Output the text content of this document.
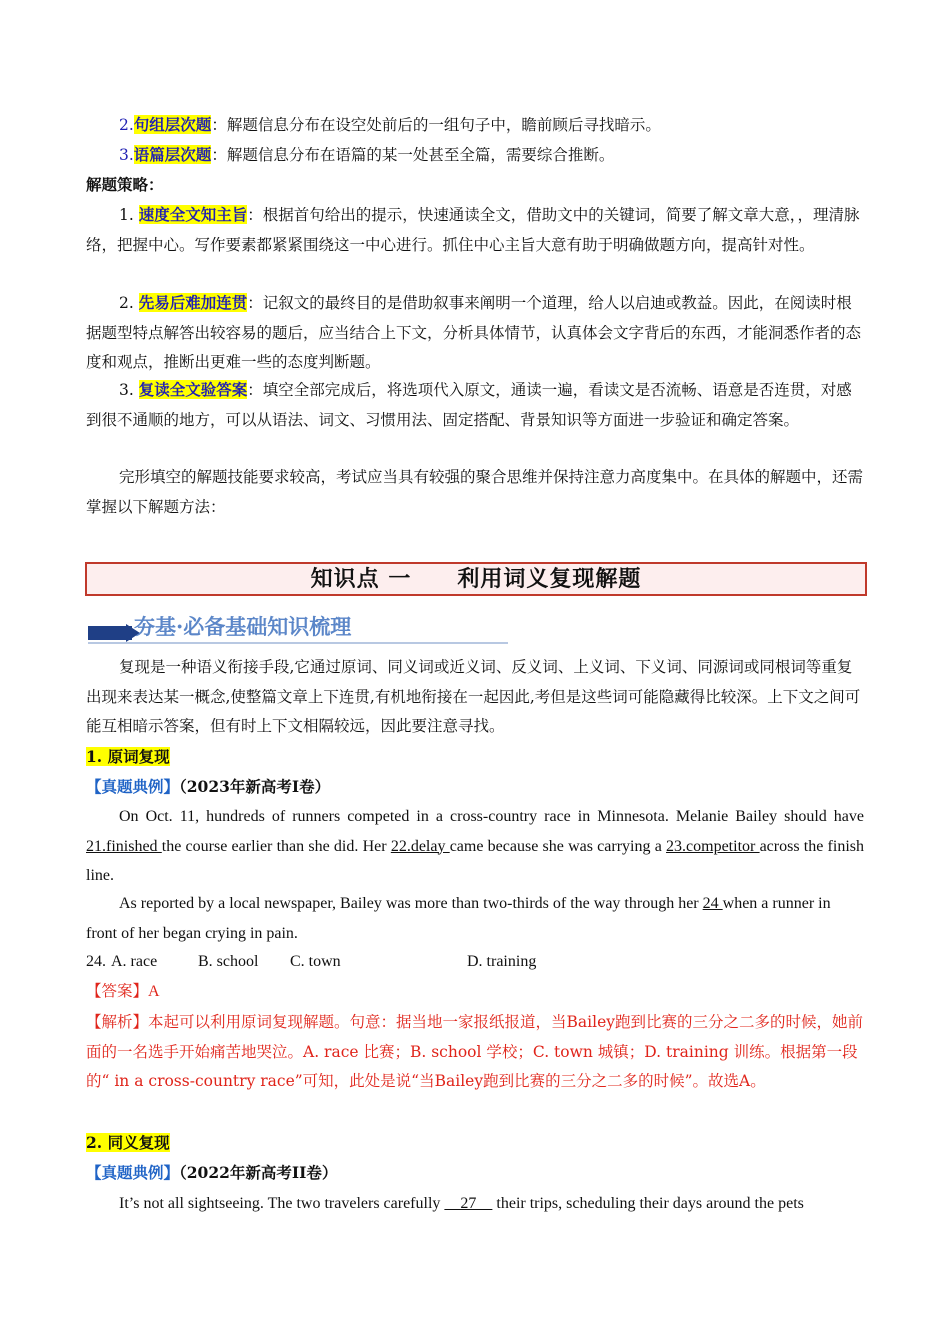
2.句组层次题：解题信息分布在设空处前后的一组句子中，瞻前顾后寻找暗示。

3.语篇层次题：解题信息分布在语篇的某一处甚至全篇，需要综合推断。

解题策略：

1. 速度全文知主旨：根据首句给出的提示，快速通读全文，借助文中的关键词，简要了解文章大意，，理清脉络，把握中心。写作要素都紧紧围绕这一中心进行。抓住中心主旨大意有助于明确做题方向，提高针对性。

2. 先易后难加连贯：记叙文的最终目的是借助叙事来阐明一个道理，给人以启迪或教益。因此，在阅读时根据题型特点解答出较容易的题后，应当结合上下文，分析具体情节，认真体会文字背后的东西，才能洞悉作者的态度和观点，推断出更难一些的态度判断题。

3. 复读全文验答案：填空全部完成后，将选项代入原文，通读一遍，看读文是否流畅、语意是否连贯，对感到很不通顺的地方，可以从语法、词文、习惯用法、固定搭配、背景知识等方面进一步验证和确定答案。

完形填空的解题技能要求较高，考试应当具有较强的聚合思维并保持注意力高度集中。在具体的解题中，还需掌握以下解题方法：

知识点 一　　利用词义复现解题
夯基·必备基础知识梳理

复现是一种语义衔接手段,它通过原词、同义词或近义词、反义词、上义词、下义词、同源词或同根词等重复出现来表达某一概念,使整篇文章上下连贯,有机地衔接在一起因此,考但是这些词可能隐藏得比较深。上下文之间可能互相暗示答案，但有时上下文相隔较远，因此要注意寻找。

1. 原词复现

【真题典例】（2023年新高考I卷）

On Oct. 11, hundreds of runners competed in a cross-country race in Minnesota. Melanie Bailey should have 21.finished the course earlier than she did. Her 22.delay came because she was carrying a 23.competitor across the finish line.

As reported by a local newspaper, Bailey was more than two-thirds of the way through her 24 when a runner in front of her began crying in pain.

24. A. race	B. school C. town	D. training

【答案】A

【解析】本起可以利用原词复现解题。句意：据当地一家报纸报道，当Bailey跑到比赛的三分之二多的时候，她前面的一名选手开始痛苦地哭泣。A. race 比赛；B. school 学校；C. town 城镇；D. training 训练。根据第一段的“ in a cross-country race”可知，此处是说“当Bailey跑到比赛的三分之二多的时候”。故选A。

2. 同义复现

【真题典例】（2022年新高考II卷）

It’s not all sightseeing. The two travelers carefully     27     their trips, scheduling their days around the pets
